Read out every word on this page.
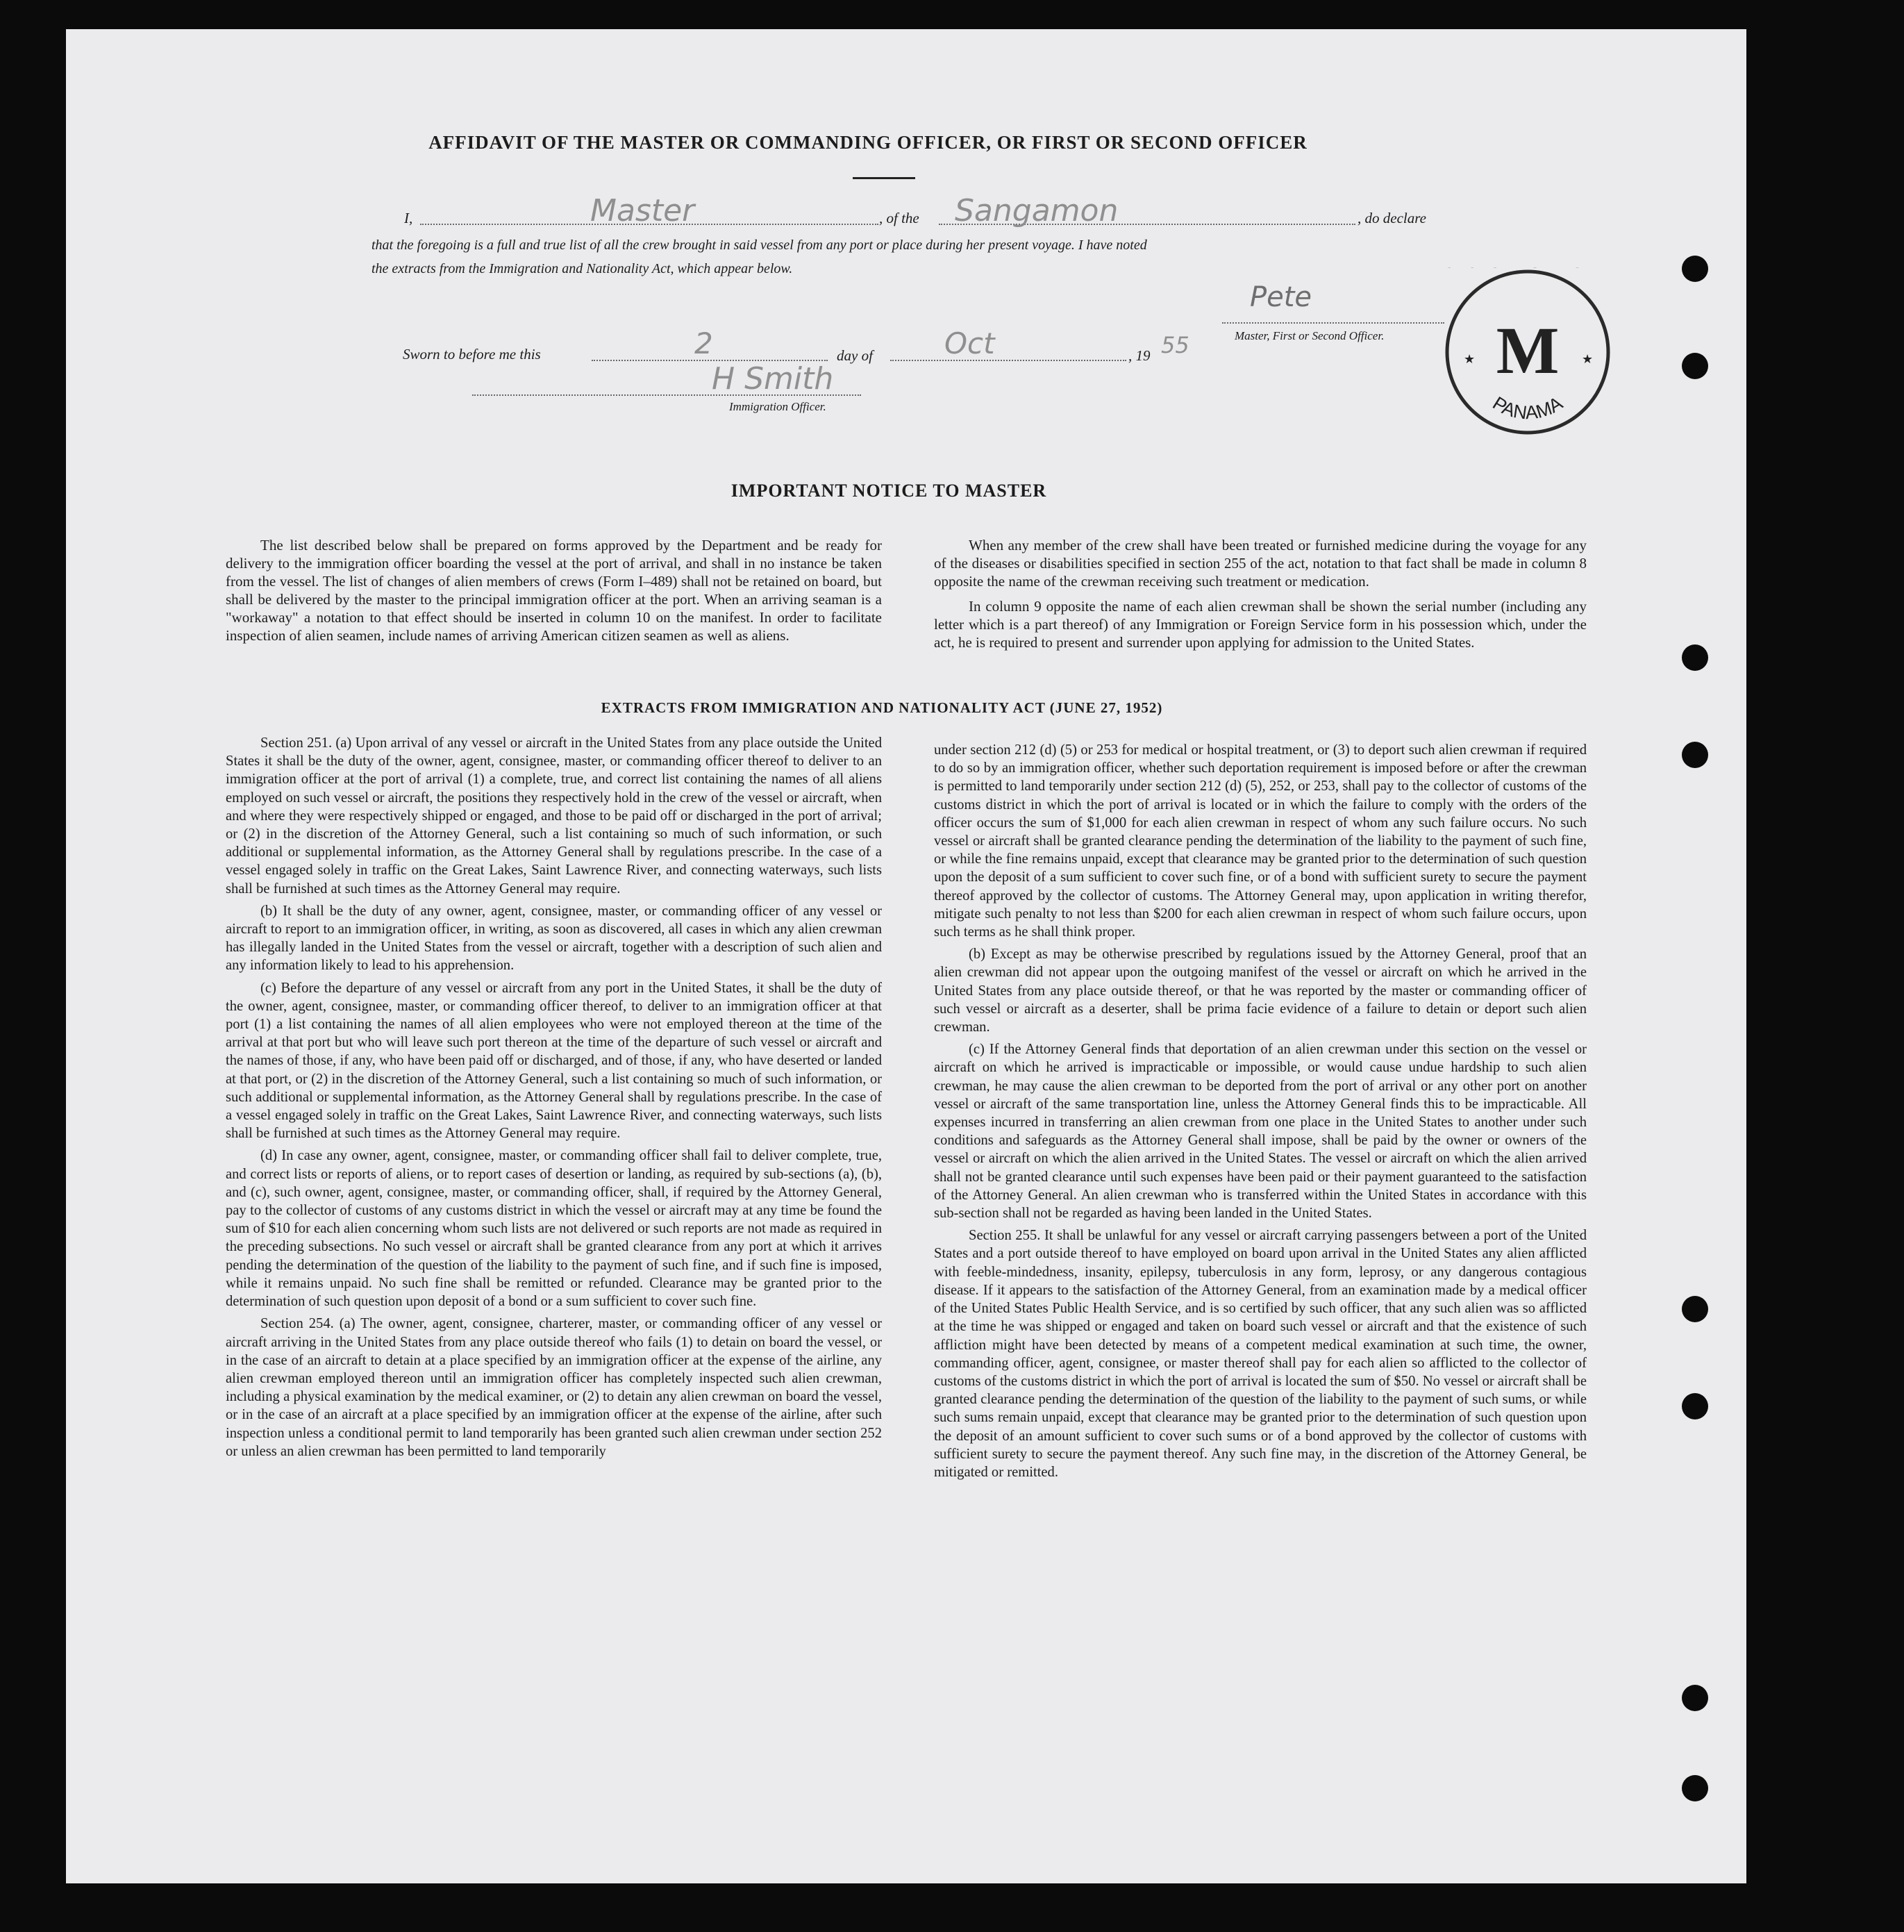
AFFIDAVIT OF THE MASTER OR COMMANDING OFFICER, OR FIRST OR SECOND OFFICER
I,	Master	, of the Sangamon	, do declare
that the foregoing is a full and true list of all the crew brought in said vessel from any port or place during her present voyage. I have noted
the extracts from the Immigration and Nationality Act, which appear below.
Pete
Master, First or Second Officer.
Sworn to before me this	2	day of Oct	, 19 55
H Smith
Immigration Officer.	PANAMA
M
★	★
IMPORTANT NOTICE TO MASTER

The list described below shall be prepared on forms approved by the Department and be ready for delivery to the immigration officer boarding the vessel at the port of arrival, and shall in no instance be taken from the vessel. The list of changes of alien members of crews (Form I–489) shall not be retained on board, but shall be delivered by the master to the principal immigration officer at the port. When an arriving seaman is a "workaway" a notation to that effect should be inserted in column 10 on the manifest. In order to facilitate inspection of alien seamen, include names of arriving American citizen seamen as well as aliens.

When any member of the crew shall have been treated or furnished medicine during the voyage for any of the diseases or disabilities specified in section 255 of the act, notation to that fact shall be made in column 8 opposite the name of the crewman receiving such treatment or medication.

In column 9 opposite the name of each alien crewman shall be shown the serial number (including any letter which is a part thereof) of any Immigration or Foreign Service form in his possession which, under the act, he is required to present and surrender upon applying for admission to the United States.

EXTRACTS FROM IMMIGRATION AND NATIONALITY ACT (JUNE 27, 1952)

Section 251. (a) Upon arrival of any vessel or aircraft in the United States from any place outside the United States it shall be the duty of the owner, agent, consignee, master, or commanding officer thereof to deliver to an immigration officer at the port of arrival (1) a complete, true, and correct list containing the names of all aliens employed on such vessel or aircraft, the positions they respectively hold in the crew of the vessel or aircraft, when and where they were respectively shipped or engaged, and those to be paid off or discharged in the port of arrival; or (2) in the discretion of the Attorney General, such a list containing so much of such information, or such additional or supplemental information, as the Attorney General shall by regulations prescribe. In the case of a vessel engaged solely in traffic on the Great Lakes, Saint Lawrence River, and connecting waterways, such lists shall be furnished at such times as the Attorney General may require.

(b) It shall be the duty of any owner, agent, consignee, master, or commanding officer of any vessel or aircraft to report to an immigration officer, in writing, as soon as discovered, all cases in which any alien crewman has illegally landed in the United States from the vessel or aircraft, together with a description of such alien and any information likely to lead to his apprehension.

(c) Before the departure of any vessel or aircraft from any port in the United States, it shall be the duty of the owner, agent, consignee, master, or commanding officer thereof, to deliver to an immigration officer at that port (1) a list containing the names of all alien employees who were not employed thereon at the time of the arrival at that port but who will leave such port thereon at the time of the departure of such vessel or aircraft and the names of those, if any, who have been paid off or discharged, and of those, if any, who have deserted or landed at that port, or (2) in the discretion of the Attorney General, such a list containing so much of such information, or such additional or supplemental information, as the Attorney General shall by regulations prescribe. In the case of a vessel engaged solely in traffic on the Great Lakes, Saint Lawrence River, and connecting waterways, such lists shall be furnished at such times as the Attorney General may require.

(d) In case any owner, agent, consignee, master, or commanding officer shall fail to deliver complete, true, and correct lists or reports of aliens, or to report cases of desertion or landing, as required by sub-sections (a), (b), and (c), such owner, agent, consignee, master, or commanding officer, shall, if required by the Attorney General, pay to the collector of customs of any customs district in which the vessel or aircraft may at any time be found the sum of $10 for each alien concerning whom such lists are not delivered or such reports are not made as required in the preceding subsections. No such vessel or aircraft shall be granted clearance from any port at which it arrives pending the determination of the question of the liability to the payment of such fine, and if such fine is imposed, while it remains unpaid. No such fine shall be remitted or refunded. Clearance may be granted prior to the determination of such question upon deposit of a bond or a sum sufficient to cover such fine.

Section 254. (a) The owner, agent, consignee, charterer, master, or commanding officer of any vessel or aircraft arriving in the United States from any place outside thereof who fails (1) to detain on board the vessel, or in the case of an aircraft to detain at a place specified by an immigration officer at the expense of the airline, any alien crewman employed thereon until an immigration officer has completely inspected such alien crewman, including a physical examination by the medical examiner, or (2) to detain any alien crewman on board the vessel, or in the case of an aircraft at a place specified by an immigration officer at the expense of the airline, after such inspection unless a conditional permit to land temporarily has been granted such alien crewman under section 252 or unless an alien crewman has been permitted to land temporarily

under section 212 (d) (5) or 253 for medical or hospital treatment, or (3) to deport such alien crewman if required to do so by an immigration officer, whether such deportation requirement is imposed before or after the crewman is permitted to land temporarily under section 212 (d) (5), 252, or 253, shall pay to the collector of customs of the customs district in which the port of arrival is located or in which the failure to comply with the orders of the officer occurs the sum of $1,000 for each alien crewman in respect of whom any such failure occurs. No such vessel or aircraft shall be granted clearance pending the determination of the liability to the payment of such fine, or while the fine remains unpaid, except that clearance may be granted prior to the determination of such question upon the deposit of a sum sufficient to cover such fine, or of a bond with sufficient surety to secure the payment thereof approved by the collector of customs. The Attorney General may, upon application in writing therefor, mitigate such penalty to not less than $200 for each alien crewman in respect of whom such failure occurs, upon such terms as he shall think proper.

(b) Except as may be otherwise prescribed by regulations issued by the Attorney General, proof that an alien crewman did not appear upon the outgoing manifest of the vessel or aircraft on which he arrived in the United States from any place outside thereof, or that he was reported by the master or commanding officer of such vessel or aircraft as a deserter, shall be prima facie evidence of a failure to detain or deport such alien crewman.

(c) If the Attorney General finds that deportation of an alien crewman under this section on the vessel or aircraft on which he arrived is impracticable or impossible, or would cause undue hardship to such alien crewman, he may cause the alien crewman to be deported from the port of arrival or any other port on another vessel or aircraft of the same transportation line, unless the Attorney General finds this to be impracticable. All expenses incurred in transferring an alien crewman from one place in the United States to another under such conditions and safeguards as the Attorney General shall impose, shall be paid by the owner or owners of the vessel or aircraft on which the alien arrived in the United States. The vessel or aircraft on which the alien arrived shall not be granted clearance until such expenses have been paid or their payment guaranteed to the satisfaction of the Attorney General. An alien crewman who is transferred within the United States in accordance with this sub-section shall not be regarded as having been landed in the United States.

Section 255. It shall be unlawful for any vessel or aircraft carrying passengers between a port of the United States and a port outside thereof to have employed on board upon arrival in the United States any alien afflicted with feeble-mindedness, insanity, epilepsy, tuberculosis in any form, leprosy, or any dangerous contagious disease. If it appears to the satisfaction of the Attorney General, from an examination made by a medical officer of the United States Public Health Service, and is so certified by such officer, that any such alien was so afflicted at the time he was shipped or engaged and taken on board such vessel or aircraft and that the existence of such affliction might have been detected by means of a competent medical examination at such time, the owner, commanding officer, agent, consignee, or master thereof shall pay for each alien so afflicted to the collector of customs of the customs district in which the port of arrival is located the sum of $50. No vessel or aircraft shall be granted clearance pending the determination of the question of the liability to the payment of such sums, or while such sums remain unpaid, except that clearance may be granted prior to the determination of such question upon the deposit of an amount sufficient to cover such sums or of a bond approved by the collector of customs with sufficient surety to secure the payment thereof. Any such fine may, in the discretion of the Attorney General, be mitigated or remitted.
